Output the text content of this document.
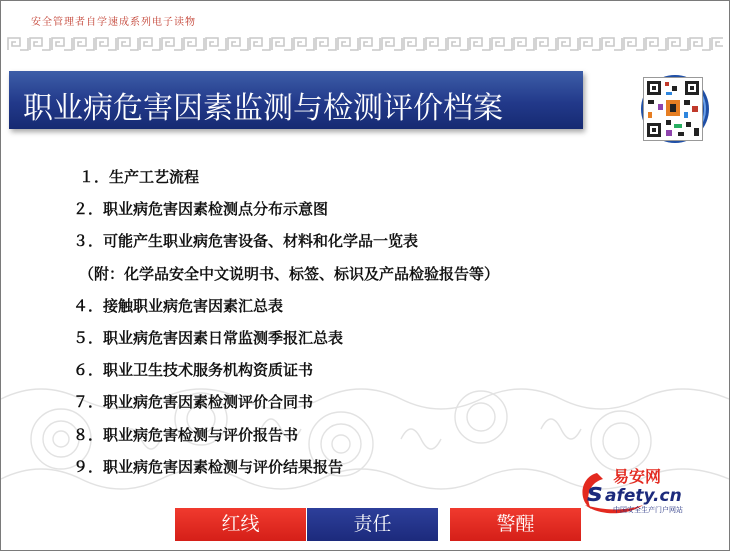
安全管理者自学速成系列电子读物
职业病危害因素监测与检测评价档案
１．生产工艺流程
２．职业病危害因素检测点分布示意图
３．可能产生职业病危害设备、材料和化学品一览表
（附：化学品安全中文说明书、标签、标识及产品检验报告等）
４．接触职业病危害因素汇总表
５．职业病危害因素日常监测季报汇总表
６．职业卫生技术服务机构资质证书
７．职业病危害因素检测评价合同书
８．职业病危害检测与评价报告书
９．职业病危害因素检测与评价结果报告
s
易安网
afety.cn
中国安全生产门户网站
红线	责任	警醒
